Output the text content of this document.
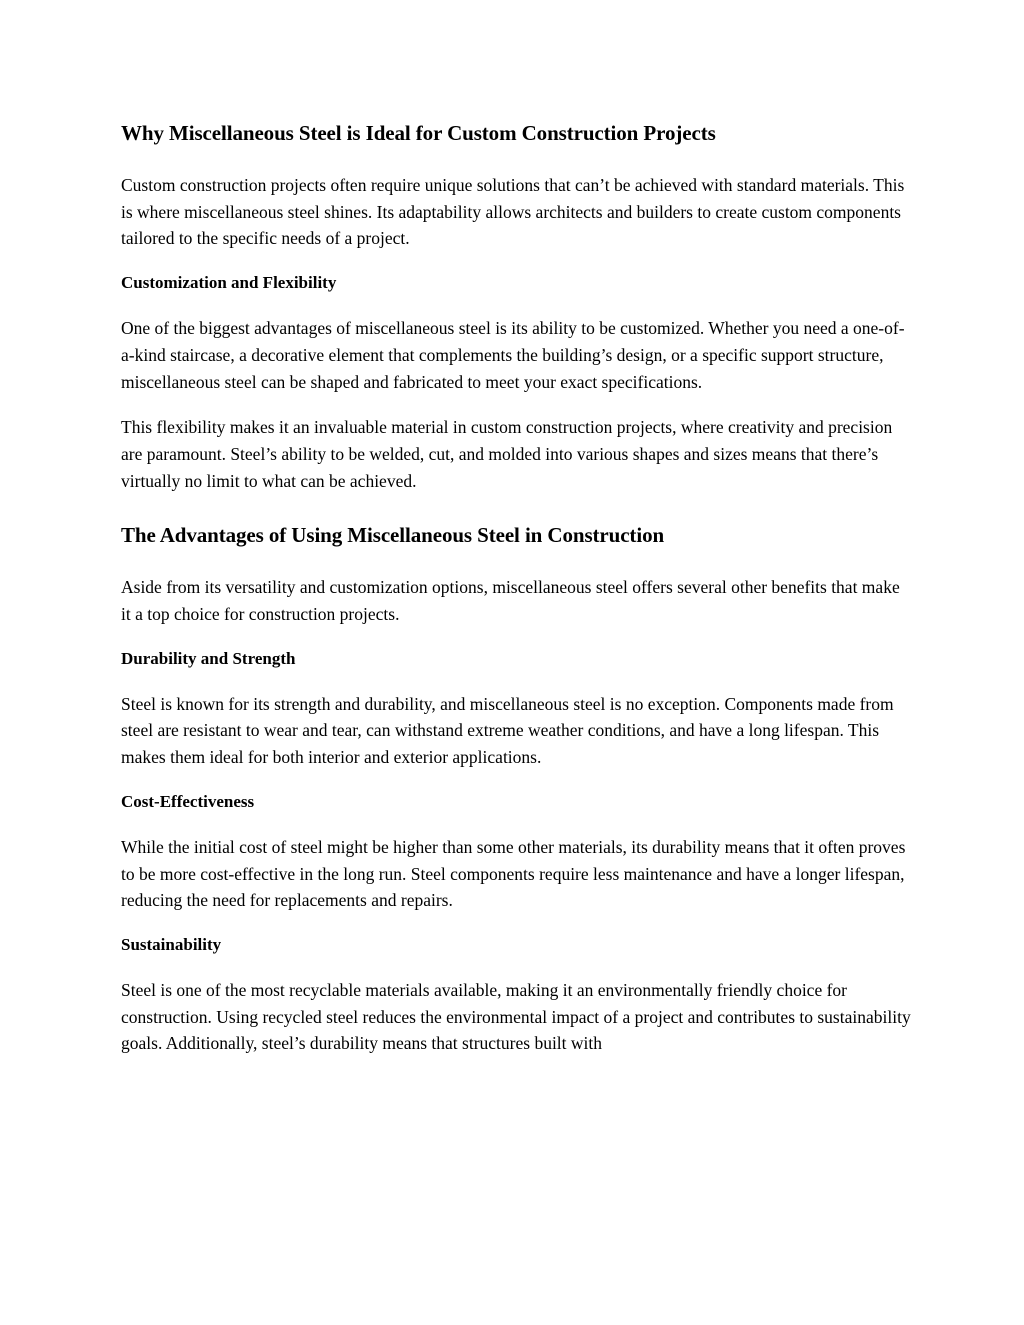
Why Miscellaneous Steel is Ideal for Custom Construction Projects

Custom construction projects often require unique solutions that can’t be achieved with standard materials. This is where miscellaneous steel shines. Its adaptability allows architects and builders to create custom components tailored to the specific needs of a project.

Customization and Flexibility

One of the biggest advantages of miscellaneous steel is its ability to be customized. Whether you need a one-of-a-kind staircase, a decorative element that complements the building’s design, or a specific support structure, miscellaneous steel can be shaped and fabricated to meet your exact specifications.

This flexibility makes it an invaluable material in custom construction projects, where creativity and precision are paramount. Steel’s ability to be welded, cut, and molded into various shapes and sizes means that there’s virtually no limit to what can be achieved.

The Advantages of Using Miscellaneous Steel in Construction

Aside from its versatility and customization options, miscellaneous steel offers several other benefits that make it a top choice for construction projects.

Durability and Strength

Steel is known for its strength and durability, and miscellaneous steel is no exception. Components made from steel are resistant to wear and tear, can withstand extreme weather conditions, and have a long lifespan. This makes them ideal for both interior and exterior applications.

Cost-Effectiveness

While the initial cost of steel might be higher than some other materials, its durability means that it often proves to be more cost-effective in the long run. Steel components require less maintenance and have a longer lifespan, reducing the need for replacements and repairs.

Sustainability

Steel is one of the most recyclable materials available, making it an environmentally friendly choice for construction. Using recycled steel reduces the environmental impact of a project and contributes to sustainability goals. Additionally, steel’s durability means that structures built with
